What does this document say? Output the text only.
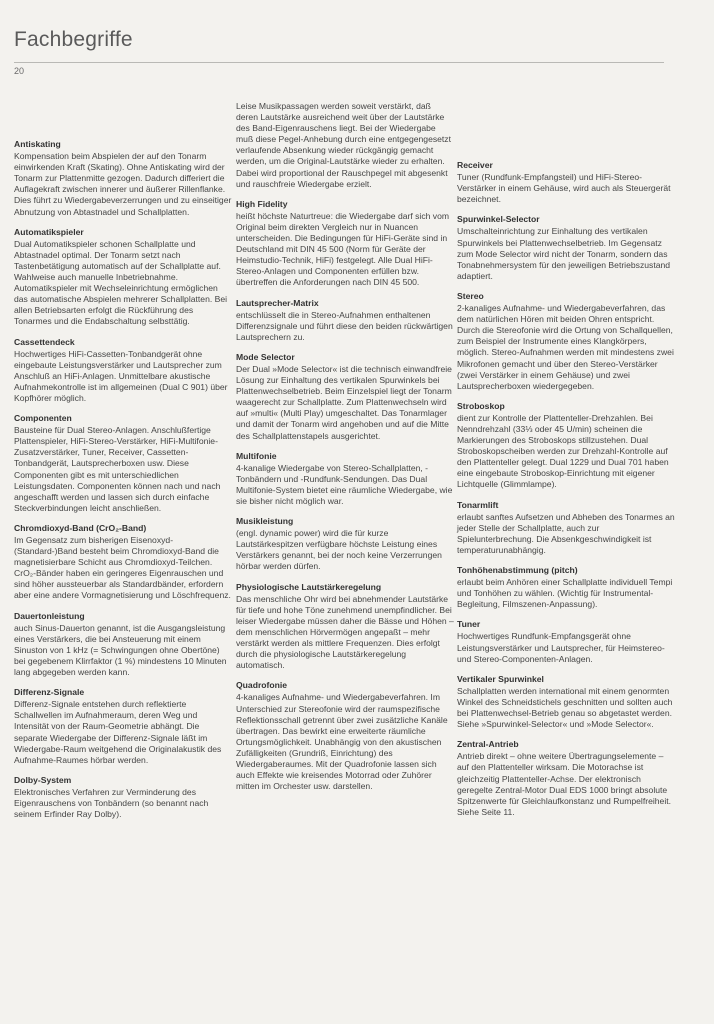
Fachbegriffe
20
Antiskating

Kompensation beim Abspielen der auf den Tonarm einwirkenden Kraft (Skating). Ohne Antiskating wird der Tonarm zur Plattenmitte gezogen. Dadurch differiert die Auflagekraft zwischen innerer und äußerer Rillenflanke. Dies führt zu Wiedergabeverzerrungen und zu einseitiger Abnutzung von Abtastnadel und Schallplatten.

Automatikspieler

Dual Automatikspieler schonen Schallplatte und Abtastnadel optimal. Der Tonarm setzt nach Tastenbetätigung automatisch auf der Schallplatte auf. Wahlweise auch manuelle Inbetriebnahme. Automatikspieler mit Wechseleinrichtung ermöglichen das automatische Abspielen mehrerer Schallplatten. Bei allen Betriebsarten erfolgt die Rückführung des Tonarmes und die Endabschaltung selbsttätig.

Cassettendeck

Hochwertiges HiFi-Cassetten-Tonbandgerät ohne eingebaute Leistungsverstärker und Lautsprecher zum Anschluß an HiFi-Anlagen. Unmittelbare akustische Aufnahmekontrolle ist im allgemeinen (Dual C 901) über Kopfhörer möglich.

Componenten

Bausteine für Dual Stereo-Anlagen. Anschlußfertige Plattenspieler, HiFi-Stereo-Verstärker, HiFi-Multifonie-Zusatzverstärker, Tuner, Receiver, Cassetten-Tonbandgerät, Lautsprecherboxen usw. Diese Componenten gibt es mit unterschiedlichen Leistungsdaten. Componenten können nach und nach angeschafft werden und lassen sich durch einfache Steckverbindungen leicht anschließen.

Chromdioxyd-Band (CrO₂-Band)

Im Gegensatz zum bisherigen Eisenoxyd-(Standard-)Band besteht beim Chromdioxyd-Band die magnetisierbare Schicht aus Chromdioxyd-Teilchen. CrO₂-Bänder haben ein geringeres Eigenrauschen und sind höher aussteuerbar als Standardbänder, erfordern aber eine andere Vormagnetisierung und Löschfrequenz.

Dauertonleistung

auch Sinus-Dauerton genannt, ist die Ausgangsleistung eines Verstärkers, die bei Ansteuerung mit einem Sinuston von 1 kHz (= Schwingungen ohne Obertöne) bei gegebenem Klirrfaktor (1 %) mindestens 10 Minuten lang abgegeben werden kann.

Differenz-Signale

Differenz-Signale entstehen durch reflektierte Schallwellen im Aufnahmeraum, deren Weg und Intensität von der Raum-Geometrie abhängt. Die separate Wiedergabe der Differenz-Signale läßt im Wiedergabe-Raum weitgehend die Originalakustik des Aufnahme-Raumes hörbar werden.

Dolby-System

Elektronisches Verfahren zur Verminderung des Eigenrauschens von Tonbändern (so benannt nach seinem Erfinder Ray Dolby).

Leise Musikpassagen werden soweit verstärkt, daß deren Lautstärke ausreichend weit über der Lautstärke des Band-Eigenrauschens liegt. Bei der Wiedergabe muß diese Pegel-Anhebung durch eine entgegengesetzt verlaufende Absenkung wieder rückgängig gemacht werden, um die Original-Lautstärke wieder zu erhalten. Dabei wird proportional der Rauschpegel mit abgesenkt und rauschfreie Wiedergabe erzielt.

High Fidelity

heißt höchste Naturtreue: die Wiedergabe darf sich vom Original beim direkten Vergleich nur in Nuancen unterscheiden. Die Bedingungen für HiFi-Geräte sind in Deutschland mit DIN 45 500 (Norm für Geräte der Heimstudio-Technik, HiFi) festgelegt. Alle Dual HiFi-Stereo-Anlagen und Componenten erfüllen bzw. übertreffen die Anforderungen nach DIN 45 500.

Lautsprecher-Matrix

entschlüsselt die in Stereo-Aufnahmen enthaltenen Differenzsignale und führt diese den beiden rückwärtigen Lautsprechern zu.

Mode Selector

Der Dual »Mode Selector« ist die technisch einwandfreie Lösung zur Einhaltung des vertikalen Spurwinkels bei Plattenwechselbetrieb. Beim Einzelspiel liegt der Tonarm waagerecht zur Schallplatte. Zum Plattenwechseln wird auf »multi« (Multi Play) umgeschaltet. Das Tonarmlager und damit der Tonarm wird angehoben und auf die Mitte des Schallplattenstapels ausgerichtet.

Multifonie

4-kanalige Wiedergabe von Stereo-Schallplatten, -Tonbändern und -Rundfunk-Sendungen. Das Dual Multifonie-System bietet eine räumliche Wiedergabe, wie sie bisher nicht möglich war.

Musikleistung

(engl. dynamic power) wird die für kurze Lautstärkespitzen verfügbare höchste Leistung eines Verstärkers genannt, bei der noch keine Verzerrungen hörbar werden dürfen.

Physiologische Lautstärkeregelung

Das menschliche Ohr wird bei abnehmender Lautstärke für tiefe und hohe Töne zunehmend unempfindlicher. Bei leiser Wiedergabe müssen daher die Bässe und Höhen – dem menschlichen Hörvermögen angepaßt – mehr verstärkt werden als mittlere Frequenzen. Dies erfolgt durch die physiologische Lautstärkeregelung automatisch.

Quadrofonie

4-kanaliges Aufnahme- und Wiedergabeverfahren. Im Unterschied zur Stereofonie wird der raumspezifische Reflektionsschall getrennt über zwei zusätzliche Kanäle übertragen. Das bewirkt eine erweiterte räumliche Ortungsmöglichkeit. Unabhängig von den akustischen Zufälligkeiten (Grundriß, Einrichtung) des Wiedergaberaumes. Mit der Quadrofonie lassen sich auch Effekte wie kreisendes Motorrad oder Zuhörer mitten im Orchester usw. darstellen.

Receiver

Tuner (Rundfunk-Empfangsteil) und HiFi-Stereo-Verstärker in einem Gehäuse, wird auch als Steuergerät bezeichnet.

Spurwinkel-Selector

Umschalteinrichtung zur Einhaltung des vertikalen Spurwinkels bei Plattenwechselbetrieb. Im Gegensatz zum Mode Selector wird nicht der Tonarm, sondern das Tonabnehmersystem für den jeweiligen Betriebszustand adaptiert.

Stereo

2-kanaliges Aufnahme- und Wiedergabeverfahren, das dem natürlichen Hören mit beiden Ohren entspricht. Durch die Stereofonie wird die Ortung von Schallquellen, zum Beispiel der Instrumente eines Klangkörpers, möglich. Stereo-Aufnahmen werden mit mindestens zwei Mikrofonen gemacht und über den Stereo-Verstärker (zwei Verstärker in einem Gehäuse) und zwei Lautsprecherboxen wiedergegeben.

Stroboskop

dient zur Kontrolle der Plattenteller-Drehzahlen. Bei Nenndrehzahl (33⅓ oder 45 U/min) scheinen die Markierungen des Stroboskops stillzustehen. Dual Stroboskopscheiben werden zur Drehzahl-Kontrolle auf den Plattenteller gelegt. Dual 1229 und Dual 701 haben eine eingebaute Stroboskop-Einrichtung mit eigener Lichtquelle (Glimmlampe).

Tonarmlift

erlaubt sanftes Aufsetzen und Abheben des Tonarmes an jeder Stelle der Schallplatte, auch zur Spielunterbrechung. Die Absenkgeschwindigkeit ist temperaturunabhängig.

Tonhöhenabstimmung (pitch)

erlaubt beim Anhören einer Schallplatte individuell Tempi und Tonhöhen zu wählen. (Wichtig für Instrumental-Begleitung, Filmszenen-Anpassung).

Tuner

Hochwertiges Rundfunk-Empfangsgerät ohne Leistungsverstärker und Lautsprecher, für Heimstereo- und Stereo-Componenten-Anlagen.

Vertikaler Spurwinkel

Schallplatten werden international mit einem genormten Winkel des Schneidstichels geschnitten und sollten auch bei Plattenwechsel-Betrieb genau so abgetastet werden. Siehe »Spurwinkel-Selector« und »Mode Selector«.

Zentral-Antrieb

Antrieb direkt – ohne weitere Übertragungselemente – auf den Plattenteller wirksam. Die Motorachse ist gleichzeitig Plattenteller-Achse. Der elektronisch geregelte Zentral-Motor Dual EDS 1000 bringt absolute Spitzenwerte für Gleichlaufkonstanz und Rumpelfreiheit. Siehe Seite 11.
